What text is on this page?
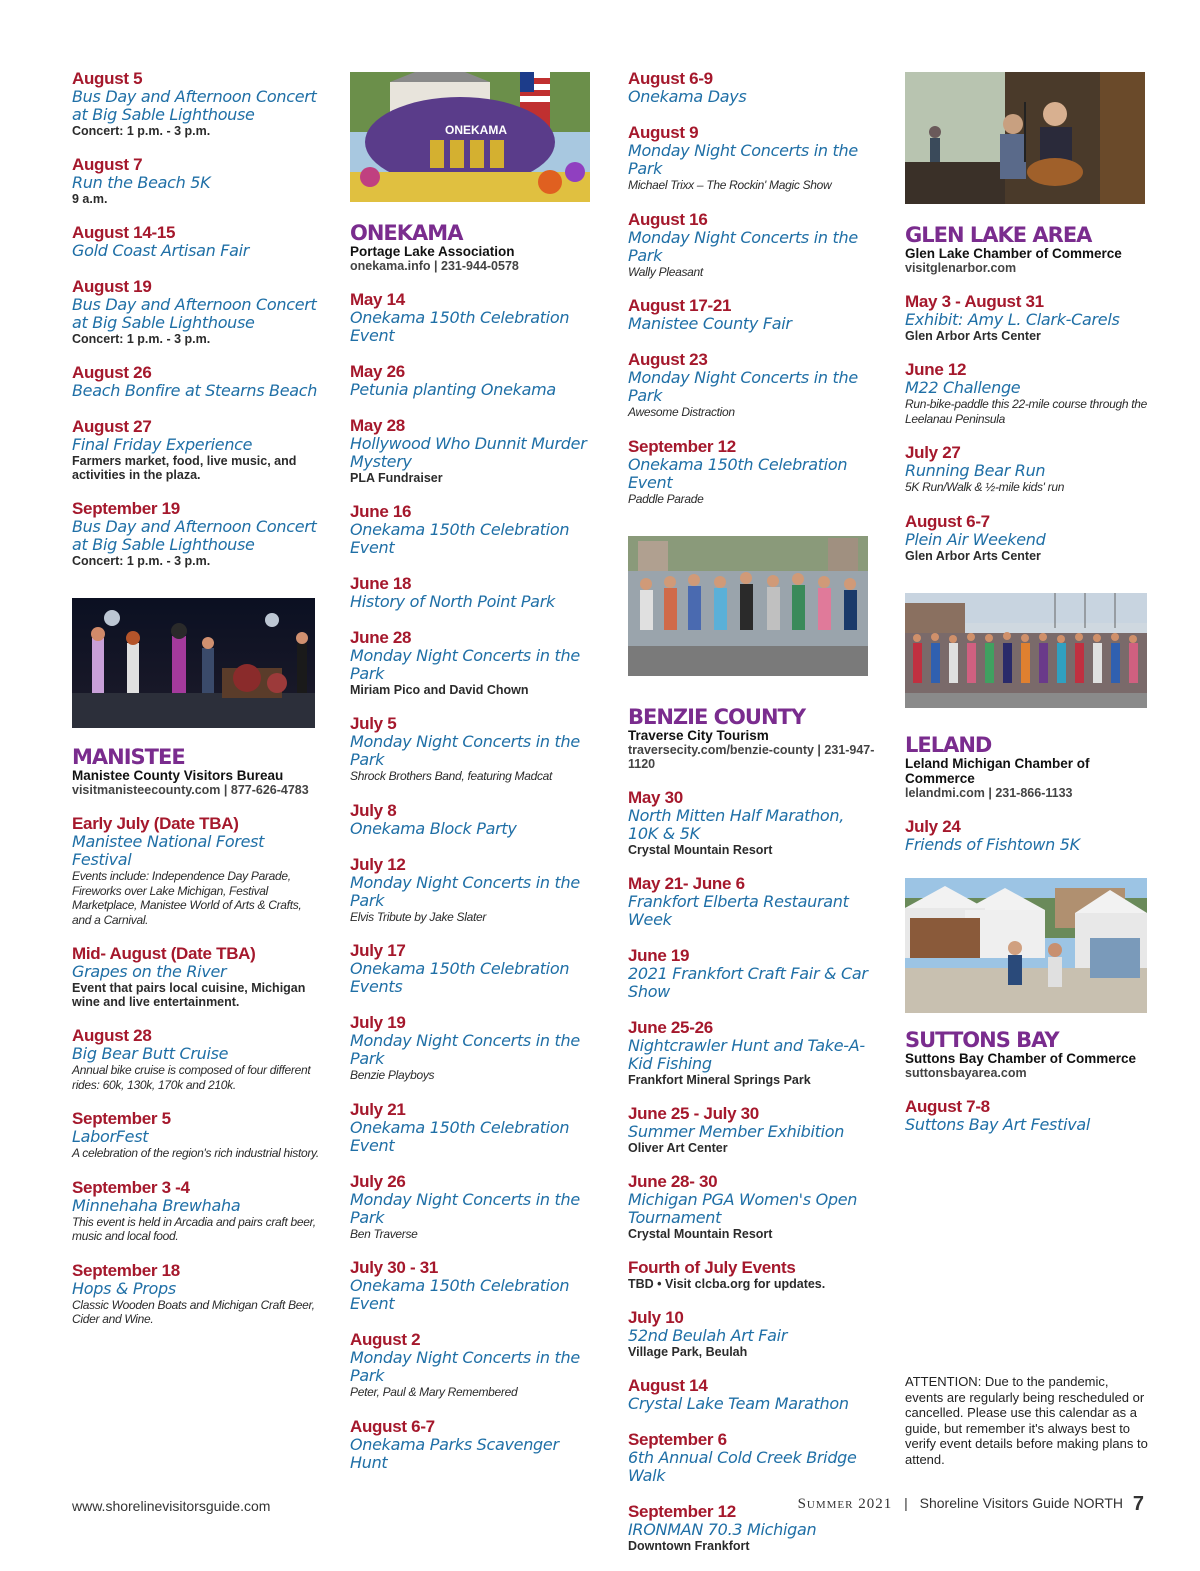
August 5
Bus Day and Afternoon Concert at Big Sable Lighthouse
Concert: 1 p.m. - 3 p.m.
August 7
Run the Beach 5K
9 a.m.
August 14-15
Gold Coast Artisan Fair
August 19
Bus Day and Afternoon Concert at Big Sable Lighthouse
Concert: 1 p.m. - 3 p.m.
August 26
Beach Bonfire at Stearns Beach
August 27
Final Friday Experience
Farmers market, food, live music, and activities in the plaza.
September 19
Bus Day and Afternoon Concert at Big Sable Lighthouse
Concert: 1 p.m. - 3 p.m.
MANISTEE
Manistee County Visitors Bureau
visitmanisteecounty.com | 877-626-4783
Early July (Date TBA)
Manistee National Forest Festival
Events include: Independence Day Parade, Fireworks over Lake Michigan, Festival Marketplace, Manistee World of Arts & Crafts, and a Carnival.
Mid- August (Date TBA)
Grapes on the River
Event that pairs local cuisine, Michigan wine and live entertainment.
August 28
Big Bear Butt Cruise
Annual bike cruise is composed of four different rides: 60k, 130k, 170k and 210k.
September 5
LaborFest
A celebration of the region's rich industrial history.
September 3 -4
Minnehaha Brewhaha
This event is held in Arcadia and pairs craft beer, music and local food.
September 18
Hops & Props
Classic Wooden Boats and Michigan Craft Beer, Cider and Wine.
ONEKAMA
ONEKAMA
Portage Lake Association
onekama.info | 231-944-0578
May 14
Onekama 150th Celebration Event
May 26
Petunia planting Onekama
May 28
Hollywood Who Dunnit Murder Mystery
PLA Fundraiser
June 16
Onekama 150th Celebration Event
June 18
History of North Point Park
June 28
Monday Night Concerts in the Park
Miriam Pico and David Chown
July 5
Monday Night Concerts in the Park
Shrock Brothers Band, featuring Madcat
July 8
Onekama Block Party
July 12
Monday Night Concerts in the Park
Elvis Tribute by Jake Slater
July 17
Onekama 150th Celebration Events
July 19
Monday Night Concerts in the Park
Benzie Playboys
July 21
Onekama 150th Celebration Event
July 26
Monday Night Concerts in the Park
Ben Traverse
July 30 - 31
Onekama 150th Celebration Event
August 2
Monday Night Concerts in the Park
Peter, Paul & Mary Remembered
August 6-7
Onekama Parks Scavenger Hunt
August 6-9
Onekama Days
August 9
Monday Night Concerts in the Park
Michael Trixx – The Rockin' Magic Show
August 16
Monday Night Concerts in the Park
Wally Pleasant
August 17-21
Manistee County Fair
August 23
Monday Night Concerts in the Park
Awesome Distraction
September 12
Onekama 150th Celebration Event
Paddle Parade
BENZIE COUNTY
Traverse City Tourism
traversecity.com/benzie-county | 231-947-1120
May 30
North Mitten Half Marathon, 10K & 5K
Crystal Mountain Resort
May 21- June 6
Frankfort Elberta Restaurant Week
June 19
2021 Frankfort Craft Fair & Car Show
June 25-26
Nightcrawler Hunt and Take-A-Kid Fishing
Frankfort Mineral Springs Park
June 25 - July 30
Summer Member Exhibition
Oliver Art Center
June 28- 30
Michigan PGA Women's Open Tournament
Crystal Mountain Resort
Fourth of July Events
TBD • Visit clcba.org for updates.
July 10
52nd Beulah Art Fair
Village Park, Beulah
August 14
Crystal Lake Team Marathon
September 6
6th Annual Cold Creek Bridge Walk
September 12
IRONMAN 70.3 Michigan
Downtown Frankfort
GLEN LAKE AREA
Glen Lake Chamber of Commerce
visitglenarbor.com
May 3 - August 31
Exhibit: Amy L. Clark-Carels
Glen Arbor Arts Center
June 12
M22 Challenge
Run-bike-paddle this 22-mile course through the Leelanau Peninsula
July 27
Running Bear Run
5K Run/Walk & ½-mile kids' run
August 6-7
Plein Air Weekend
Glen Arbor Arts Center
LELAND
Leland Michigan Chamber of Commerce
lelandmi.com | 231-866-1133
July 24
Friends of Fishtown 5K
SUTTONS BAY
Suttons Bay Chamber of Commerce
suttonsbayarea.com
August 7-8
Suttons Bay Art Festival
ATTENTION: Due to the pandemic, events are regularly being rescheduled or cancelled. Please use this calendar as a guide, but remember it's always best to verify event details before making plans to attend.
www.shorelinevisitorsguide.com	Summer 2021 | Shoreline Visitors Guide NORTH 7
